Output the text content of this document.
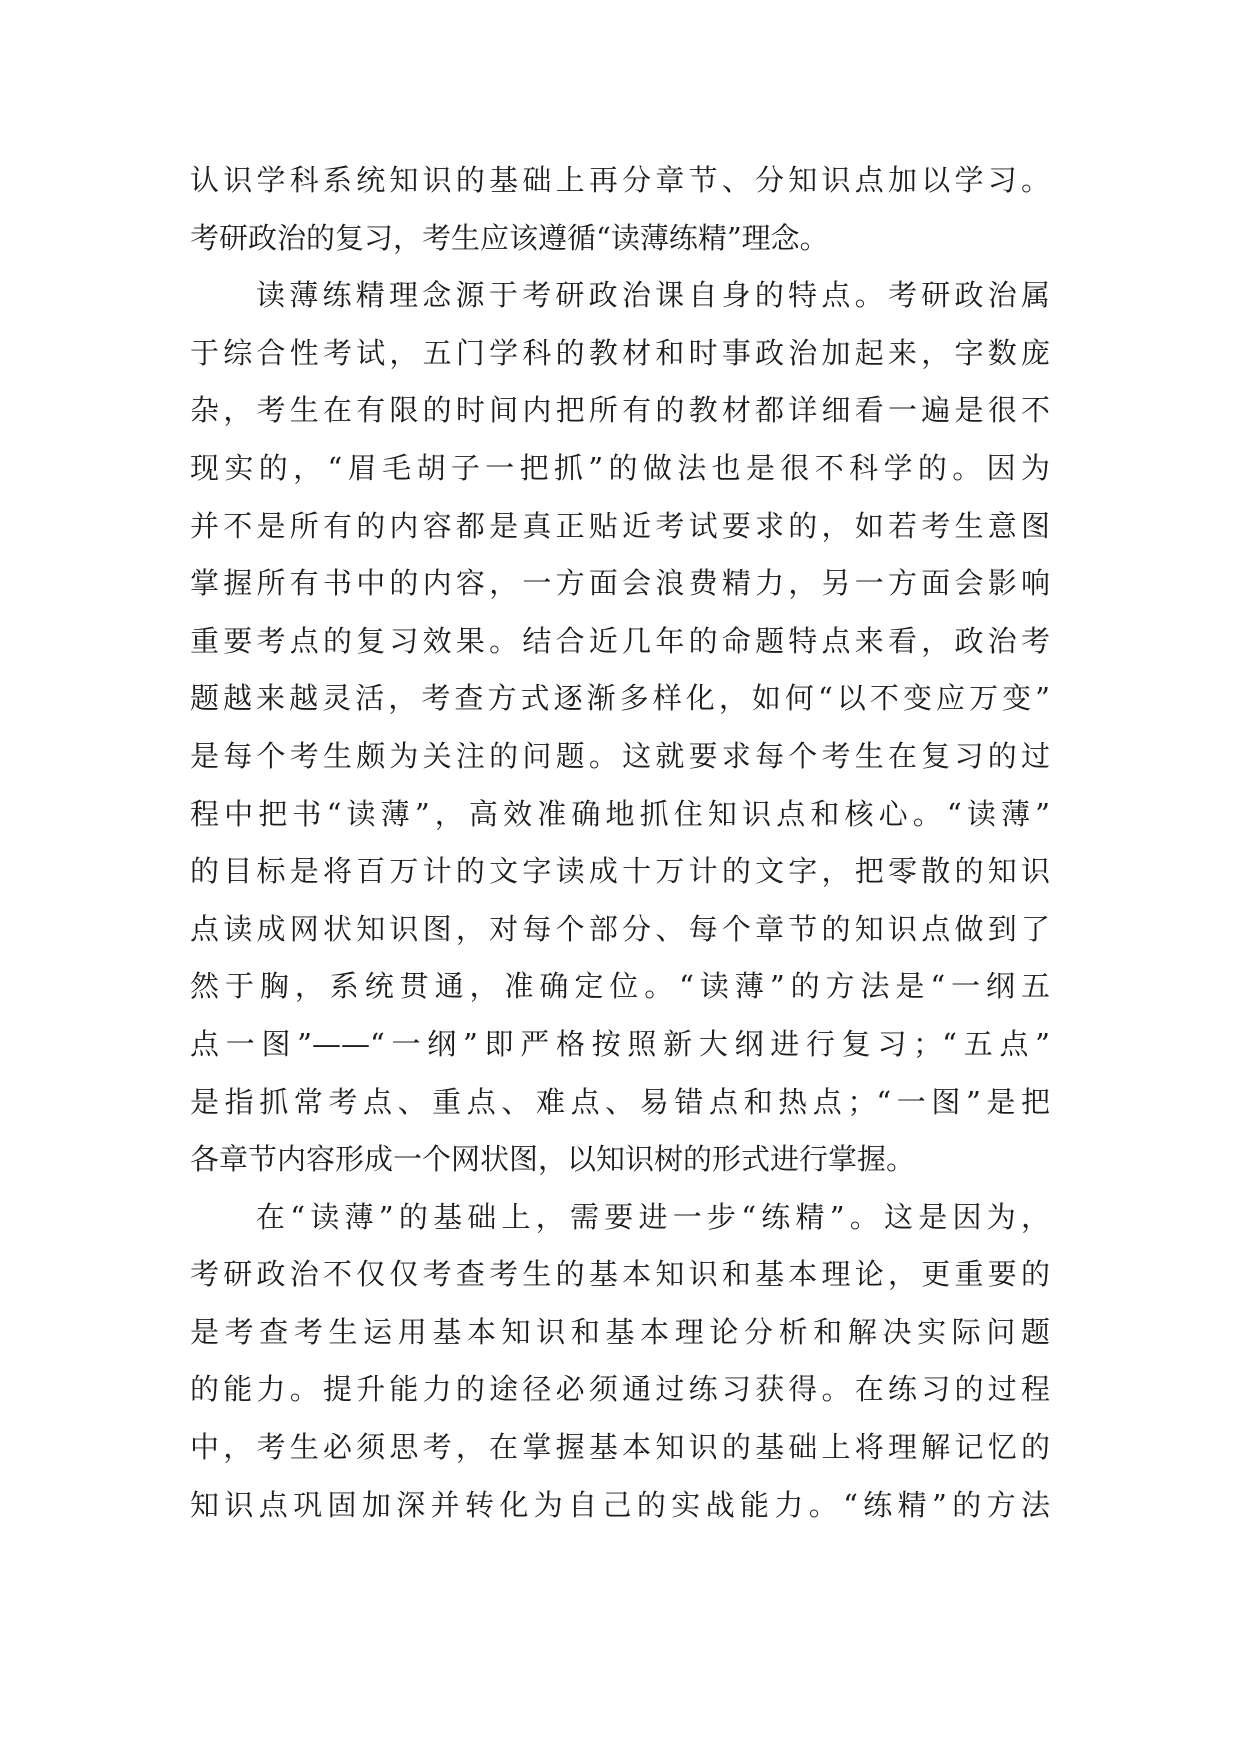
认识学科系统知识的基础上再分章节、分知识点加以学习。
考研政治的复习，考生应该遵循“读薄练精”理念。
读薄练精理念源于考研政治课自身的特点。考研政治属
于综合性考试，五门学科的教材和时事政治加起来，字数庞
杂，考生在有限的时间内把所有的教材都详细看一遍是很不
现实的，“眉毛胡子一把抓”的做法也是很不科学的。因为
并不是所有的内容都是真正贴近考试要求的，如若考生意图
掌握所有书中的内容，一方面会浪费精力，另一方面会影响
重要考点的复习效果。结合近几年的命题特点来看，政治考
题越来越灵活，考查方式逐渐多样化，如何“以不变应万变”
是每个考生颇为关注的问题。这就要求每个考生在复习的过
程中把书“读薄”，高效准确地抓住知识点和核心。“读薄”
的目标是将百万计的文字读成十万计的文字，把零散的知识
点读成网状知识图，对每个部分、每个章节的知识点做到了
然于胸，系统贯通，准确定位。“读薄”的方法是“一纲五
点一图”——“一纲”即严格按照新大纲进行复习；“五点”
是指抓常考点、重点、难点、易错点和热点；“一图”是把
各章节内容形成一个网状图，以知识树的形式进行掌握。
在“读薄”的基础上，需要进一步“练精”。这是因为，
考研政治不仅仅考查考生的基本知识和基本理论，更重要的
是考查考生运用基本知识和基本理论分析和解决实际问题
的能力。提升能力的途径必须通过练习获得。在练习的过程
中，考生必须思考，在掌握基本知识的基础上将理解记忆的
知识点巩固加深并转化为自己的实战能力。“练精”的方法
